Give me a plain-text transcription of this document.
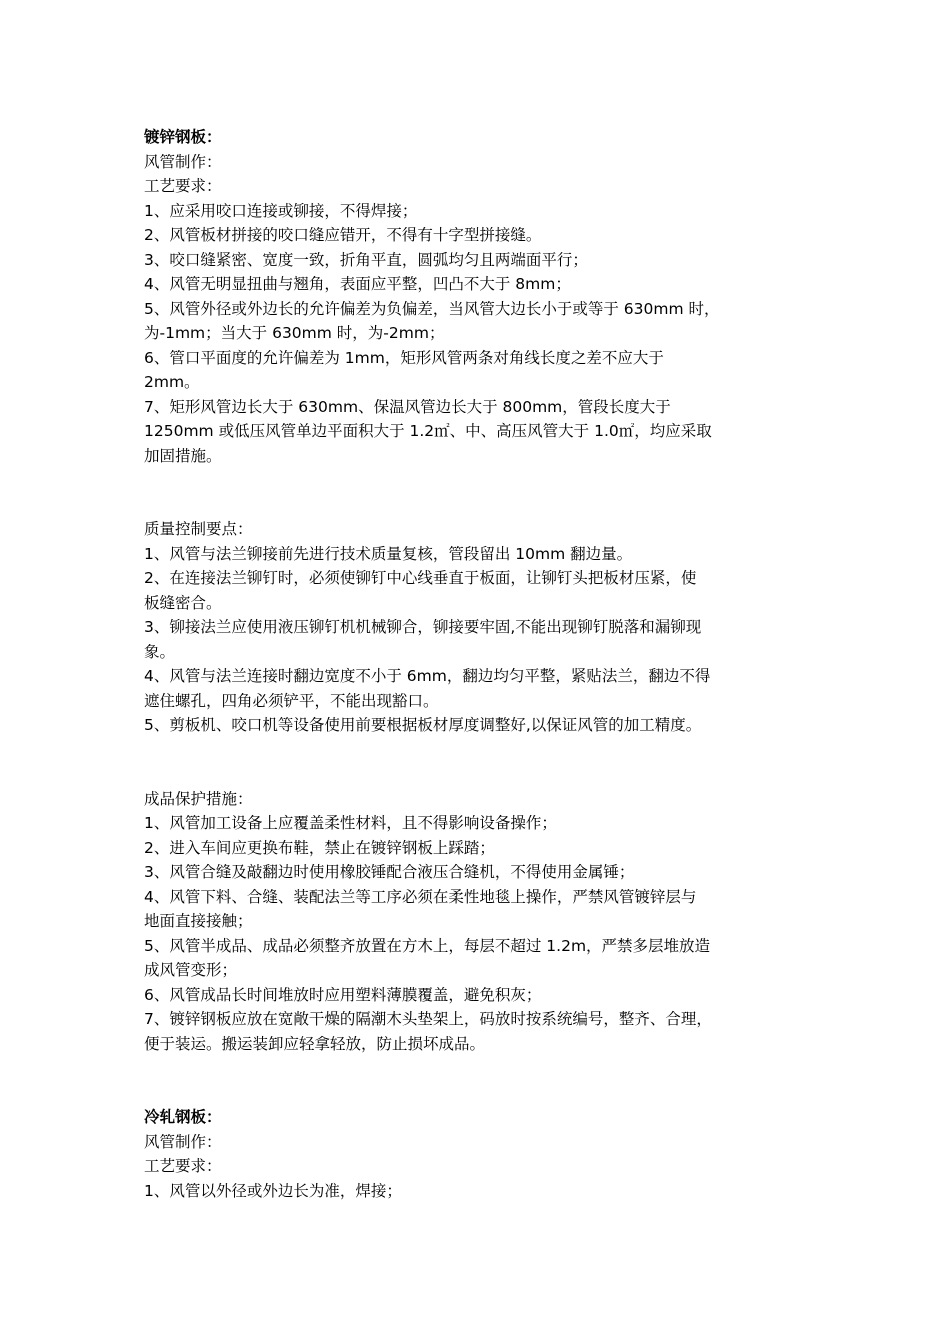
镀锌钢板：
风管制作：
工艺要求：
1、应采用咬口连接或铆接，不得焊接；
2、风管板材拼接的咬口缝应错开，不得有十字型拼接缝。
3、咬口缝紧密、宽度一致，折角平直，圆弧均匀且两端面平行；
4、风管无明显扭曲与翘角，表面应平整，凹凸不大于 8mm；
5、风管外径或外边长的允许偏差为负偏差，当风管大边长小于或等于 630mm 时，
为-1mm；当大于 630mm 时，为-2mm；
6、管口平面度的允许偏差为 1mm，矩形风管两条对角线长度之差不应大于
2mm。
7、矩形风管边长大于 630mm、保温风管边长大于 800mm，管段长度大于
1250mm 或低压风管单边平面积大于 1.2㎡、中、高压风管大于 1.0㎡，均应采取
加固措施。
质量控制要点：
1、风管与法兰铆接前先进行技术质量复核，管段留出 10mm 翻边量。
2、在连接法兰铆钉时，必须使铆钉中心线垂直于板面，让铆钉头把板材压紧，使
板缝密合。
3、铆接法兰应使用液压铆钉机机械铆合，铆接要牢固,不能出现铆钉脱落和漏铆现
象。
4、风管与法兰连接时翻边宽度不小于 6mm，翻边均匀平整，紧贴法兰，翻边不得
遮住螺孔，四角必须铲平，不能出现豁口。
5、剪板机、咬口机等设备使用前要根据板材厚度调整好,以保证风管的加工精度。
成品保护措施：
1、风管加工设备上应覆盖柔性材料，且不得影响设备操作；
2、进入车间应更换布鞋，禁止在镀锌钢板上踩踏；
3、风管合缝及敲翻边时使用橡胶锤配合液压合缝机，不得使用金属锤；
4、风管下料、合缝、装配法兰等工序必须在柔性地毯上操作，严禁风管镀锌层与
地面直接接触；
5、风管半成品、成品必须整齐放置在方木上，每层不超过 1.2m，严禁多层堆放造
成风管变形；
6、风管成品长时间堆放时应用塑料薄膜覆盖，避免积灰；
7、镀锌钢板应放在宽敞干燥的隔潮木头垫架上，码放时按系统编号，整齐、合理，
便于装运。搬运装卸应轻拿轻放，防止损坏成品。
冷轧钢板：
风管制作：
工艺要求：
1、风管以外径或外边长为准，焊接；
